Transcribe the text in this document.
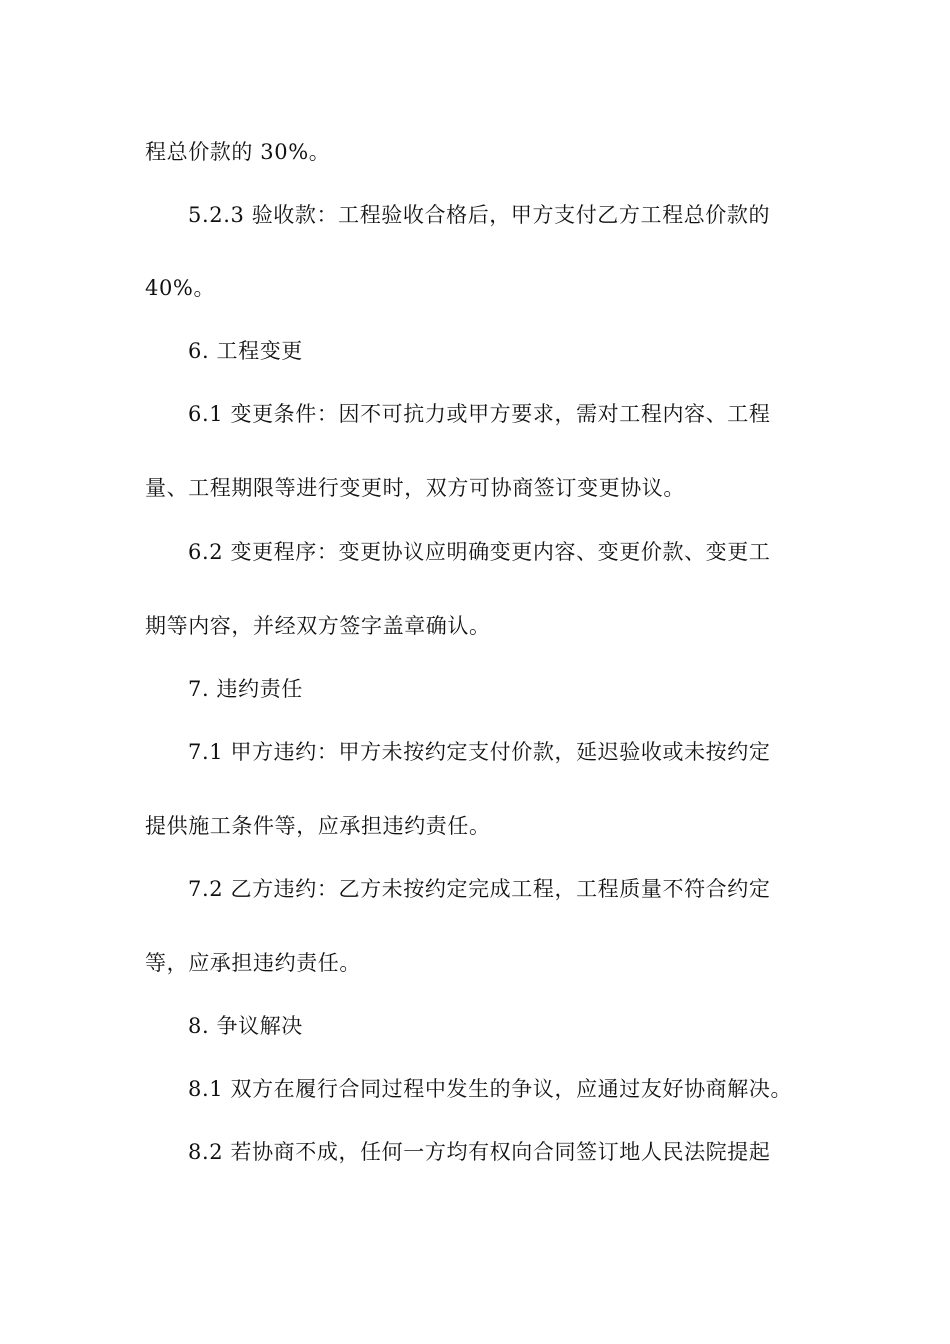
程总价款的 30%。
5.2.3 验收款：工程验收合格后，甲方支付乙方工程总价款的
40%。
6. 工程变更
6.1 变更条件：因不可抗力或甲方要求，需对工程内容、工程
量、工程期限等进行变更时，双方可协商签订变更协议。
6.2 变更程序：变更协议应明确变更内容、变更价款、变更工
期等内容，并经双方签字盖章确认。
7. 违约责任
7.1 甲方违约：甲方未按约定支付价款，延迟验收或未按约定
提供施工条件等，应承担违约责任。
7.2 乙方违约：乙方未按约定完成工程，工程质量不符合约定
等，应承担违约责任。
8. 争议解决
8.1 双方在履行合同过程中发生的争议，应通过友好协商解决。
8.2 若协商不成，任何一方均有权向合同签订地人民法院提起
